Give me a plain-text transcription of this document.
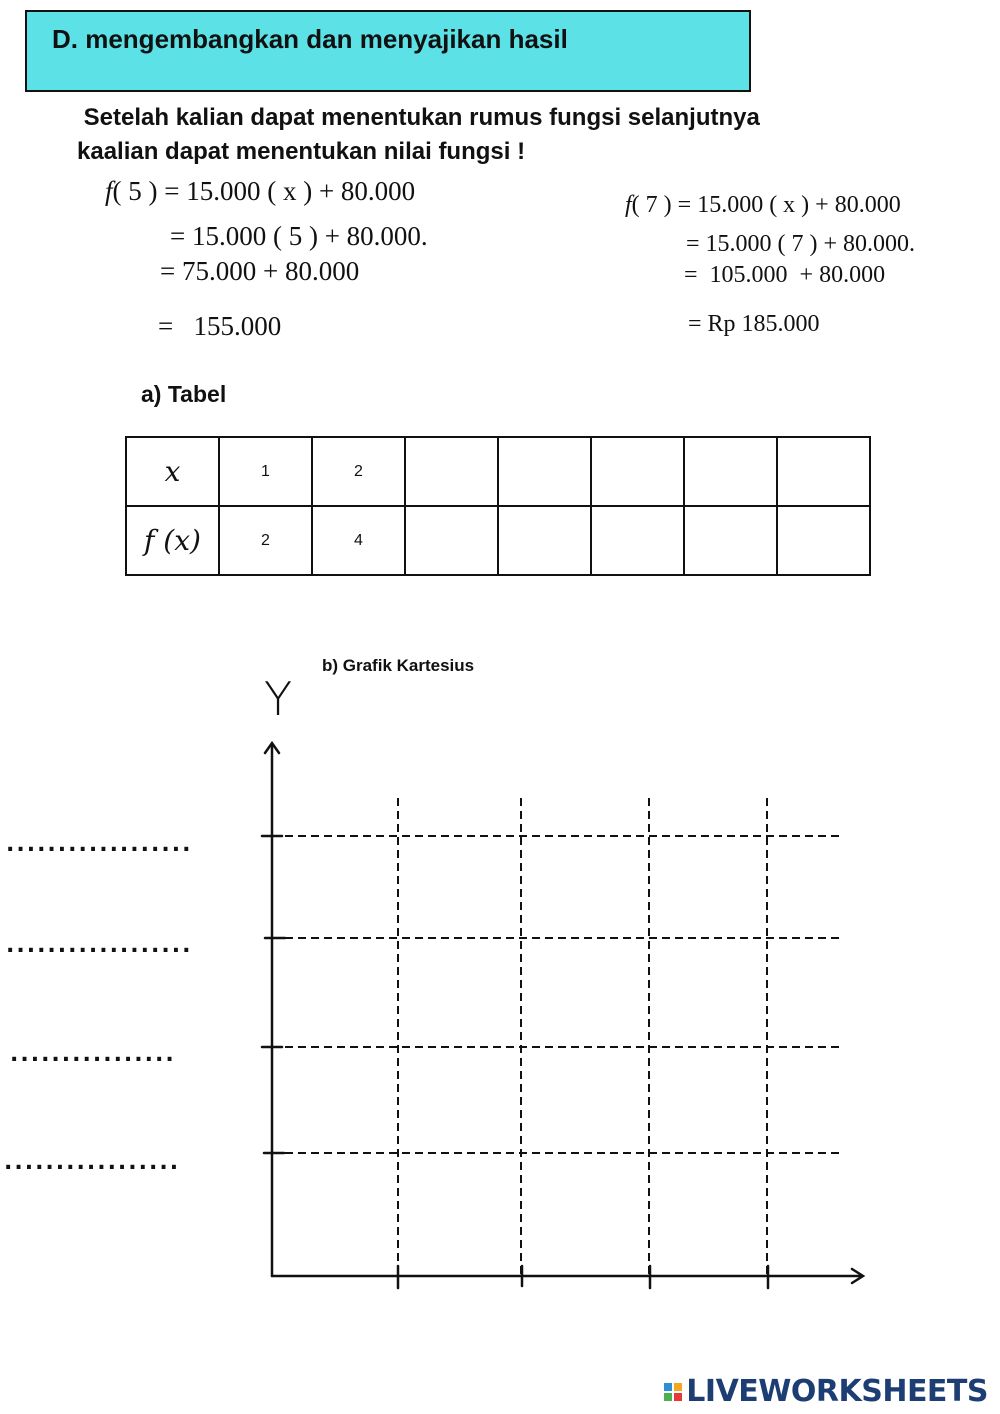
D. mengembangkan dan menyajikan hasil
Setelah kalian dapat menentukan rumus fungsi selanjutnya
kaalian dapat menentukan nilai fungsi !
f( 5 ) = 15.000 ( x ) + 80.000
= 15.000 ( 5 ) + 80.000.
= 75.000 + 80.000
=   155.000
f( 7 ) = 15.000 ( x ) + 80.000
= 15.000 ( 7 ) + 80.000.
=  105.000  + 80.000
= Rp 185.000
a) Tabel
x	1	2					
f (x)	2	4					
b) Grafik Kartesius
Y
..................
..................
................
.................
LIVEWORKSHEETS
